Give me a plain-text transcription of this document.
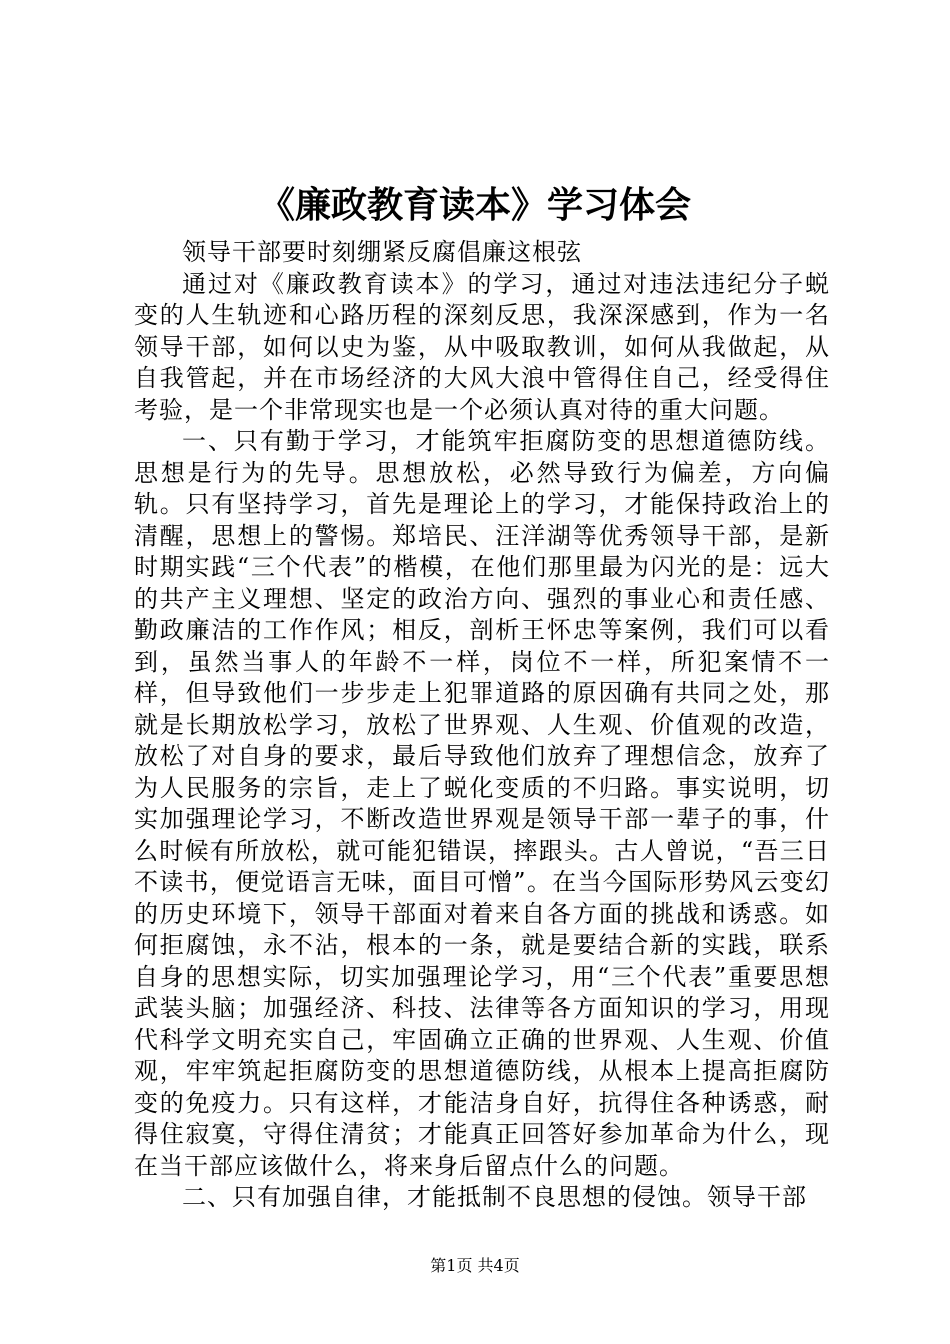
《廉政教育读本》学习体会

领导干部要时刻绷紧反腐倡廉这根弦

通过对《廉政教育读本》的学习，通过对违法违纪分子蜕变的人生轨迹和心路历程的深刻反思，我深深感到，作为一名领导干部，如何以史为鉴，从中吸取教训，如何从我做起，从自我管起，并在市场经济的大风大浪中管得住自己，经受得住考验，是一个非常现实也是一个必须认真对待的重大问题。

一、只有勤于学习，才能筑牢拒腐防变的思想道德防线。思想是行为的先导。思想放松，必然导致行为偏差，方向偏轨。只有坚持学习，首先是理论上的学习，才能保持政治上的清醒，思想上的警惕。郑培民、汪洋湖等优秀领导干部，是新时期实践“三个代表”的楷模，在他们那里最为闪光的是：远大的共产主义理想、坚定的政治方向、强烈的事业心和责任感、勤政廉洁的工作作风；相反，剖析王怀忠等案例，我们可以看到，虽然当事人的年龄不一样，岗位不一样，所犯案情不一样，但导致他们一步步走上犯罪道路的原因确有共同之处，那就是长期放松学习，放松了世界观、人生观、价值观的改造，放松了对自身的要求，最后导致他们放弃了理想信念，放弃了为人民服务的宗旨，走上了蜕化变质的不归路。事实说明，切实加强理论学习，不断改造世界观是领导干部一辈子的事，什么时候有所放松，就可能犯错误，摔跟头。古人曾说，“吾三日不读书，便觉语言无味，面目可憎”。在当今国际形势风云变幻的历史环境下，领导干部面对着来自各方面的挑战和诱惑。如何拒腐蚀，永不沾，根本的一条，就是要结合新的实践，联系自身的思想实际，切实加强理论学习，用“三个代表”重要思想武装头脑；加强经济、科技、法律等各方面知识的学习，用现代科学文明充实自己，牢固确立正确的世界观、人生观、价值观，牢牢筑起拒腐防变的思想道德防线，从根本上提高拒腐防变的免疫力。只有这样，才能洁身自好，抗得住各种诱惑，耐得住寂寞，守得住清贫；才能真正回答好参加革命为什么，现在当干部应该做什么，将来身后留点什么的问题。

二、只有加强自律，才能抵制不良思想的侵蚀。领导干部

第1页 共4页
